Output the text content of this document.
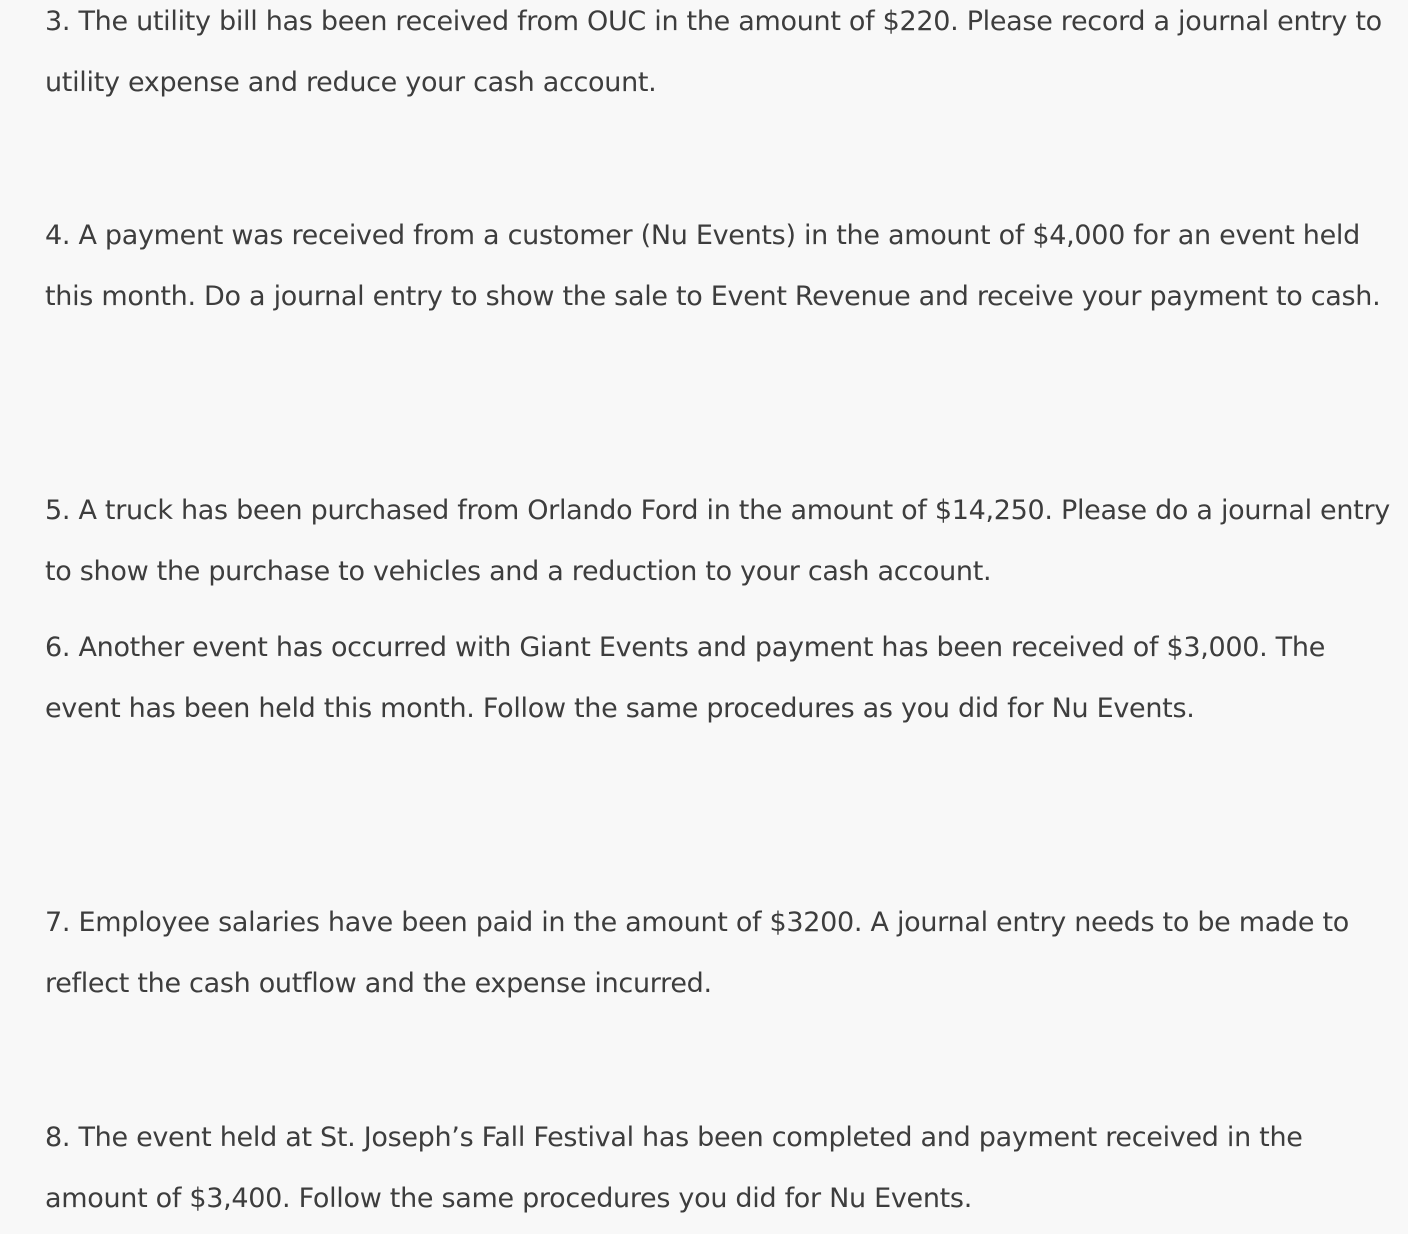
3. The utility bill has been received from OUC in the amount of $220. Please record a journal entry to utility expense and reduce your cash account.

4. A payment was received from a customer (Nu Events) in the amount of $4,000 for an event held this month. Do a journal entry to show the sale to Event Revenue and receive your payment to cash.

5. A truck has been purchased from Orlando Ford in the amount of $14,250. Please do a journal entry to show the purchase to vehicles and a reduction to your cash account.

6. Another event has occurred with Giant Events and payment has been received of $3,000. The event has been held this month. Follow the same procedures as you did for Nu Events.

7. Employee salaries have been paid in the amount of $3200. A journal entry needs to be made to reflect the cash outflow and the expense incurred.

8. The event held at St. Joseph’s Fall Festival has been completed and payment received in the amount of $3,400. Follow the same procedures you did for Nu Events.
